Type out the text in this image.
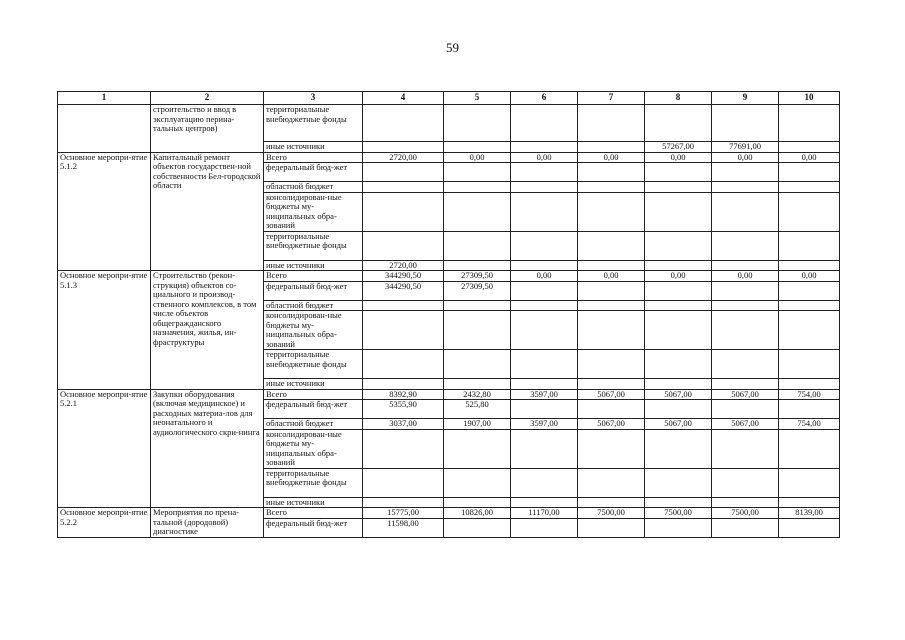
59
1	2	3	4	5	6	7	8	9	10
	строительство и ввод в эксплуатацию перина-тальных центров)	территориальные внебюджетные фонды							
		иные источники					57267,00	77691,00	
Основное меропри-ятие 5.1.2	Капитальный ремонт объектов государствен-ной собственности Бел-городской области	Всего	2720,00	0,00	0,00	0,00	0,00	0,00	0,00
		федеральный бюд-жет							
		областной бюджет							
		консолидирован-ные бюджеты му-ниципальных обра-зований							
		территориальные внебюджетные фонды							
		иные источники	2720,00						
Основное меропри-ятие 5.1.3	Строительство (рекон-струкция) объектов со-циального и производ-ственного комплексов, в том числе объектов общегражданского назначения, жилья, ин-фраструктуры	Всего	344290,50	27309,50	0,00	0,00	0,00	0,00	0,00
		федеральный бюд-жет	344290,50	27309,50					
		областной бюджет							
		консолидирован-ные бюджеты му-ниципальных обра-зований							
		территориальные внебюджетные фонды							
		иные источники							
Основное меропри-ятие 5.2.1	Закупки оборудования (включая медицинское) и расходных материа-лов для неонатального и аудиологического скри-нинга	Всего	8392,90	2432,80	3597,00	5067,00	5067,00	5067,00	754,00
		федеральный бюд-жет	5355,90	525,80					
		областной бюджет	3037,00	1907,00	3597,00	5067,00	5067,00	5067,00	754,00
		консолидирован-ные бюджеты му-ниципальных обра-зований							
		территориальные внебюджетные фонды							
		иные источники							
Основное меропри-ятие 5.2.2	Мероприятия по прена-тальной (дородовой) диагностике	Всего	15775,00	10826,00	11170,00	7500,00	7500,00	7500,00	8139,00
		федеральный бюд-жет	11598,00						
